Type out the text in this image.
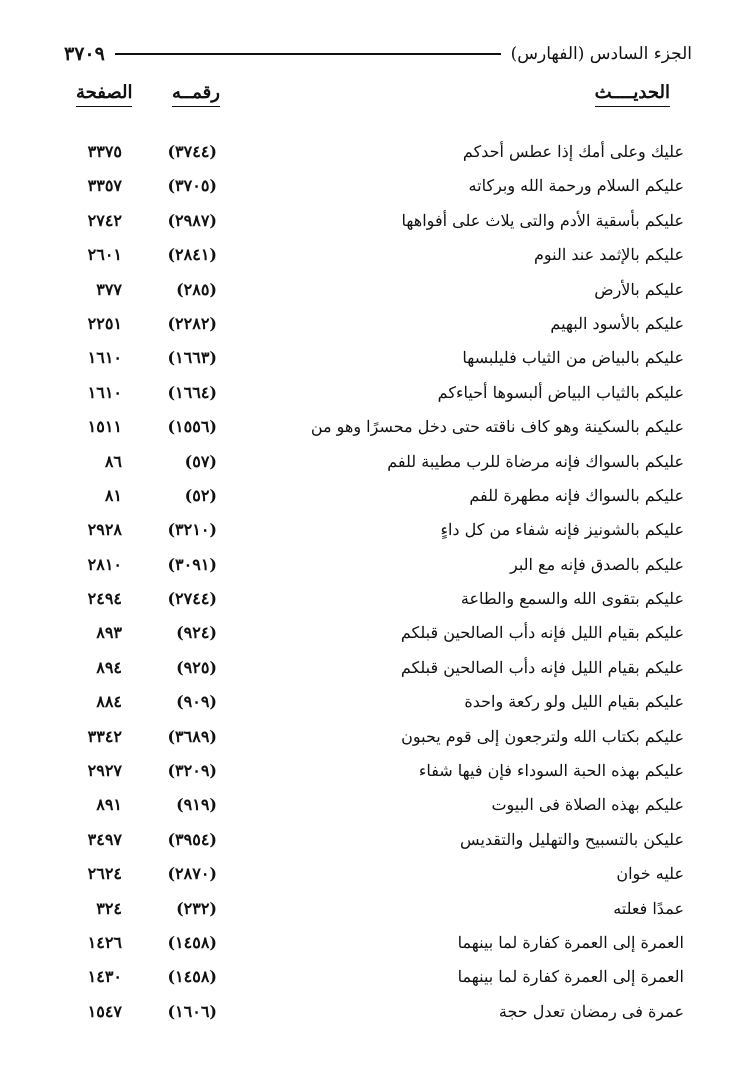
الجزء السادس (الفهارس)
٣٧٠٩
الحديــــث
رقمــه
الصفحة
عليك وعلى أمك إذا عطس أحدكم
(٣٧٤٤)
٣٣٧٥
عليكم السلام ورحمة الله وبركاته
(٣٧٠٥)
٣٣٥٧
عليكم بأسقية الأدم والتى يلاث على أفواهها
(٢٩٨٧)
٢٧٤٢
عليكم بالإثمد عند النوم
(٢٨٤١)
٢٦٠١
عليكم بالأرض
(٢٨٥)
٣٧٧
عليكم بالأسود البهيم
(٢٢٨٢)
٢٢٥١
عليكم بالبياض من الثياب فليلبسها
(١٦٦٣)
١٦١٠
عليكم بالثياب البياض ألبسوها أحياءكم
(١٦٦٤)
١٦١٠
عليكم بالسكينة وهو كاف ناقته حتى دخل محسرًا وهو من
(١٥٥٦)
١٥١١
عليكم بالسواك فإنه مرضاة للرب مطيبة للفم
(٥٧)
٨٦
عليكم بالسواك فإنه مطهرة للفم
(٥٢)
٨١
عليكم بالشونيز فإنه شفاء من كل داءٍ
(٣٢١٠)
٢٩٢٨
عليكم بالصدق فإنه مع البر
(٣٠٩١)
٢٨١٠
عليكم بتقوى الله والسمع والطاعة
(٢٧٤٤)
٢٤٩٤
عليكم بقيام الليل فإنه دأب الصالحين قبلكم
(٩٢٤)
٨٩٣
عليكم بقيام الليل فإنه دأب الصالحين قبلكم
(٩٢٥)
٨٩٤
عليكم بقيام الليل ولو ركعة واحدة
(٩٠٩)
٨٨٤
عليكم بكتاب الله ولترجعون إلى قوم يحبون
(٣٦٨٩)
٣٣٤٢
عليكم بهذه الحبة السوداء فإن فيها شفاء
(٣٢٠٩)
٢٩٢٧
عليكم بهذه الصلاة فى البيوت
(٩١٩)
٨٩١
عليكن بالتسبيح والتهليل والتقديس
(٣٩٥٤)
٣٤٩٧
عليه خوان
(٢٨٧٠)
٢٦٢٤
عمدًا فعلته
(٢٣٢)
٣٢٤
العمرة إلى العمرة كفارة لما بينهما
(١٤٥٨)
١٤٢٦
العمرة إلى العمرة كفارة لما بينهما
(١٤٥٨)
١٤٣٠
عمرة فى رمضان تعدل حجة
(١٦٠٦)
١٥٤٧
